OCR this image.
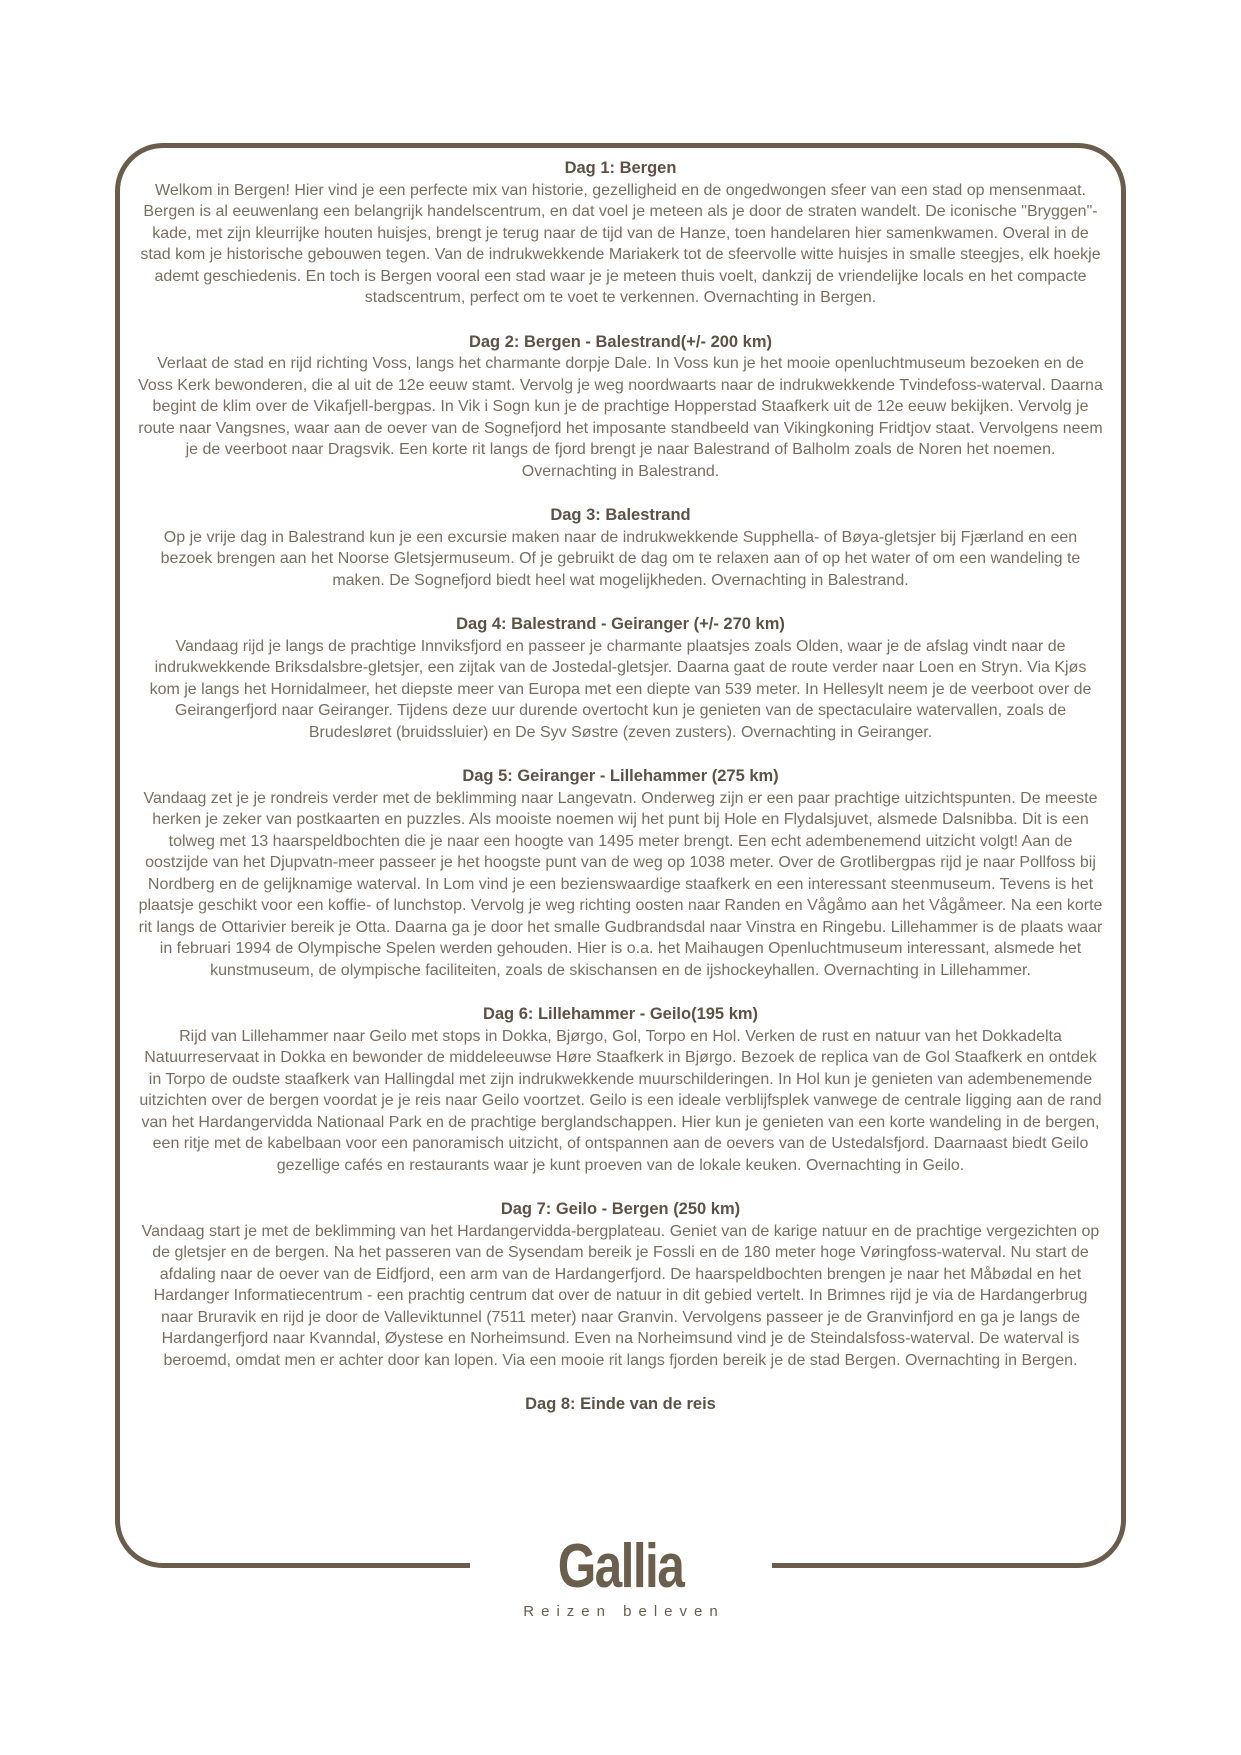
Dag 1: Bergen

Welkom in Bergen! Hier vind je een perfecte mix van historie, gezelligheid en de ongedwongen sfeer van een stad op mensenmaat. Bergen is al eeuwenlang een belangrijk handelscentrum, en dat voel je meteen als je door de straten wandelt. De iconische "Bryggen"-kade, met zijn kleurrijke houten huisjes, brengt je terug naar de tijd van de Hanze, toen handelaren hier samenkwamen. Overal in de stad kom je historische gebouwen tegen. Van de indrukwekkende Mariakerk tot de sfeervolle witte huisjes in smalle steegjes, elk hoekje ademt geschiedenis. En toch is Bergen vooral een stad waar je je meteen thuis voelt, dankzij de vriendelijke locals en het compacte stadscentrum, perfect om te voet te verkennen. Overnachting in Bergen.

Dag 2: Bergen - Balestrand(+/- 200 km)

Verlaat de stad en rijd richting Voss, langs het charmante dorpje Dale. In Voss kun je het mooie openluchtmuseum bezoeken en de Voss Kerk bewonderen, die al uit de 12e eeuw stamt. Vervolg je weg noordwaarts naar de indrukwekkende Tvindefoss-waterval. Daarna begint de klim over de Vikafjell-bergpas. In Vik i Sogn kun je de prachtige Hopperstad Staafkerk uit de 12e eeuw bekijken. Vervolg je route naar Vangsnes, waar aan de oever van de Sognefjord het imposante standbeeld van Vikingkoning Fridtjov staat. Vervolgens neem je de veerboot naar Dragsvik. Een korte rit langs de fjord brengt je naar Balestrand of Balholm zoals de Noren het noemen. Overnachting in Balestrand.

Dag 3: Balestrand

Op je vrije dag in Balestrand kun je een excursie maken naar de indrukwekkende Supphella- of Bøya-gletsjer bij Fjærland en een bezoek brengen aan het Noorse Gletsjermuseum. Of je gebruikt de dag om te relaxen aan of op het water of om een wandeling te maken. De Sognefjord biedt heel wat mogelijkheden. Overnachting in Balestrand.

Dag 4: Balestrand - Geiranger (+/- 270 km)

Vandaag rijd je langs de prachtige Innviksfjord en passeer je charmante plaatsjes zoals Olden, waar je de afslag vindt naar de indrukwekkende Briksdalsbre-gletsjer, een zijtak van de Jostedal-gletsjer. Daarna gaat de route verder naar Loen en Stryn. Via Kjøs kom je langs het Hornidalmeer, het diepste meer van Europa met een diepte van 539 meter. In Hellesylt neem je de veerboot over de Geirangerfjord naar Geiranger. Tijdens deze uur durende overtocht kun je genieten van de spectaculaire watervallen, zoals de Brudesløret (bruidssluier) en De Syv Søstre (zeven zusters). Overnachting in Geiranger.

Dag 5: Geiranger - Lillehammer (275 km)

Vandaag zet je je rondreis verder met de beklimming naar Langevatn. Onderweg zijn er een paar prachtige uitzichtspunten. De meeste herken je zeker van postkaarten en puzzles. Als mooiste noemen wij het punt bij Hole en Flydalsjuvet, alsmede Dalsnibba. Dit is een tolweg met 13 haarspeldbochten die je naar een hoogte van 1495 meter brengt. Een echt adembenemend uitzicht volgt! Aan de oostzijde van het Djupvatn-meer passeer je het hoogste punt van de weg op 1038 meter. Over de Grotlibergpas rijd je naar Pollfoss bij Nordberg en de gelijknamige waterval. In Lom vind je een bezienswaardige staafkerk en een interessant steenmuseum. Tevens is het plaatsje geschikt voor een koffie- of lunchstop. Vervolg je weg richting oosten naar Randen en Vågåmo aan het Vågåmeer. Na een korte rit langs de Ottarivier bereik je Otta. Daarna ga je door het smalle Gudbrandsdal naar Vinstra en Ringebu. Lillehammer is de plaats waar in februari 1994 de Olympische Spelen werden gehouden. Hier is o.a. het Maihaugen Openluchtmuseum interessant, alsmede het kunstmuseum, de olympische faciliteiten, zoals de skischansen en de ijshockeyhallen. Overnachting in Lillehammer.

Dag 6: Lillehammer - Geilo(195 km)

Rijd van Lillehammer naar Geilo met stops in Dokka, Bjørgo, Gol, Torpo en Hol. Verken de rust en natuur van het Dokkadelta Natuurreservaat in Dokka en bewonder de middeleeuwse Høre Staafkerk in Bjørgo. Bezoek de replica van de Gol Staafkerk en ontdek in Torpo de oudste staafkerk van Hallingdal met zijn indrukwekkende muurschilderingen. In Hol kun je genieten van adembenemende uitzichten over de bergen voordat je je reis naar Geilo voortzet. Geilo is een ideale verblijfsplek vanwege de centrale ligging aan de rand van het Hardangervidda Nationaal Park en de prachtige berglandschappen. Hier kun je genieten van een korte wandeling in de bergen, een ritje met de kabelbaan voor een panoramisch uitzicht, of ontspannen aan de oevers van de Ustedalsfjord. Daarnaast biedt Geilo gezellige cafés en restaurants waar je kunt proeven van de lokale keuken. Overnachting in Geilo.

Dag 7: Geilo - Bergen (250 km)

Vandaag start je met de beklimming van het Hardangervidda-bergplateau. Geniet van de karige natuur en de prachtige vergezichten op de gletsjer en de bergen. Na het passeren van de Sysendam bereik je Fossli en de 180 meter hoge Vøringfoss-waterval. Nu start de afdaling naar de oever van de Eidfjord, een arm van de Hardangerfjord. De haarspeldbochten brengen je naar het Måbødal en het Hardanger Informatiecentrum - een prachtig centrum dat over de natuur in dit gebied vertelt. In Brimnes rijd je via de Hardangerbrug naar Bruravik en rijd je door de Valleviktunnel (7511 meter) naar Granvin. Vervolgens passeer je de Granvinfjord en ga je langs de Hardangerfjord naar Kvanndal, Øystese en Norheimsund. Even na Norheimsund vind je de Steindalsfoss-waterval. De waterval is beroemd, omdat men er achter door kan lopen. Via een mooie rit langs fjorden bereik je de stad Bergen. Overnachting in Bergen.

Dag 8: Einde van de reis

Gallia
Reizen beleven
